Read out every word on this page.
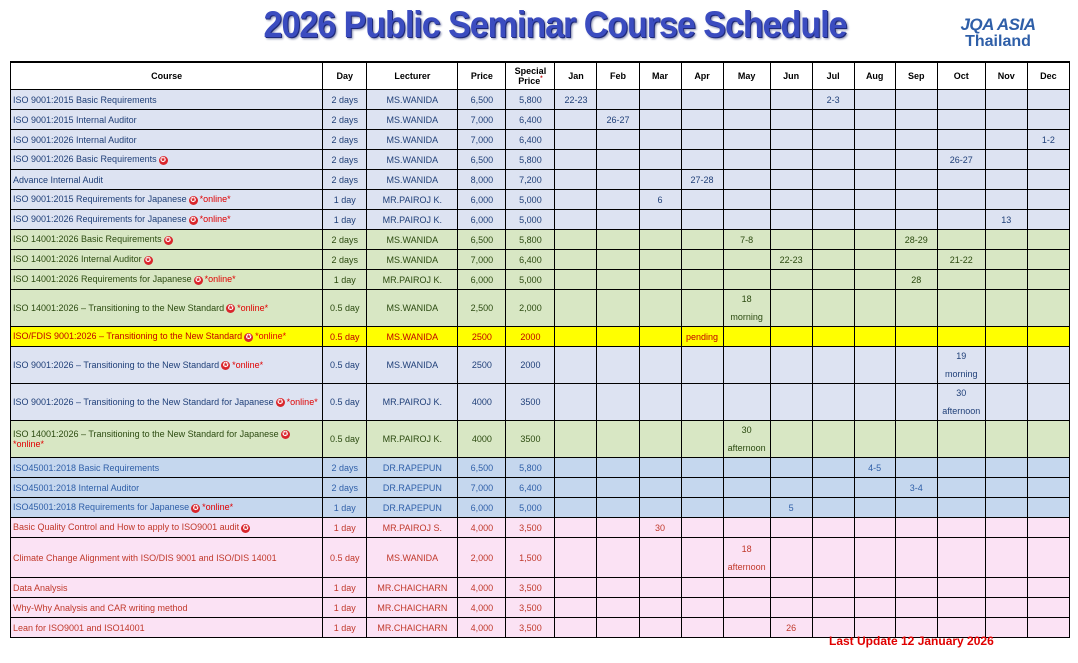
2026 Public Seminar Course Schedule	JQA ASIA
Thailand
Course	Day	Lecturer	Price	Special Price*	Jan	Feb	Mar	Apr	May	Jun	Jul	Aug	Sep	Oct	Nov	Dec
ISO 9001:2015 Basic Requirements	2 days	MS.WANIDA	6,500	5,800	22-23						2-3					
ISO 9001:2015 Internal Auditor	2 days	MS.WANIDA	7,000	6,400		26-27										
ISO 9001:2026 Internal Auditor	2 days	MS.WANIDA	7,000	6,400												1-2
ISO 9001:2026 Basic Requirements ✪	2 days	MS.WANIDA	6,500	5,800										26-27		
Advance Internal Audit	2 days	MS.WANIDA	8,000	7,200				27-28								
ISO 9001:2015 Requirements for Japanese ✪ *online*	1 day	MR.PAIROJ K.	6,000	5,000			6									
ISO 9001:2026 Requirements for Japanese ✪ *online*	1 day	MR.PAIROJ K.	6,000	5,000											13	
ISO 14001:2026 Basic Requirements ✪	2 days	MS.WANIDA	6,500	5,800					7-8				28-29			
ISO 14001:2026 Internal Auditor ✪	2 days	MS.WANIDA	7,000	6,400						22-23				21-22		
ISO 14001:2026 Requirements for Japanese ✪ *online*	1 day	MR.PAIROJ K.	6,000	5,000									28			
ISO 14001:2026 – Transitioning to the New Standard ✪ *online*	0.5 day	MS.WANIDA	2,500	2,000					18
morning							

ISO/FDIS 9001:2026 – Transitioning to the New Standard ✪ *online*	0.5 day	MS.WANIDA	2500	2000				pending								
ISO 9001:2026 – Transitioning to the New Standard ✪ *online*	0.5 day	MS.WANIDA	2500	2000										19
morning		

ISO 9001:2026 – Transitioning to the New Standard for Japanese ✪ *online*	0.5 day	MR.PAIROJ K.	4000	3500										30
afternoon		

ISO 14001:2026 – Transitioning to the New Standard for Japanese ✪*online*	0.5 day	MR.PAIROJ K.	4000	3500					30
afternoon							

ISO45001:2018 Basic Requirements	2 days	DR.RAPEPUN	6,500	5,800								4-5				
ISO45001:2018 Internal Auditor	2 days	DR.RAPEPUN	7,000	6,400									3-4			
ISO45001:2018 Requirements for Japanese ✪ *online*	1 day	DR.RAPEPUN	6,000	5,000						5						
Basic Quality Control and How to apply to ISO9001 audit ✪	1 day	MR.PAIROJ S.	4,000	3,500			30									
Climate Change Alignment with ISO/DIS 9001 and ISO/DIS 14001	0.5 day	MS.WANIDA	2,000	1,500					18
afternoon							

Data Analysis	1 day	MR.CHAICHARN	4,000	3,500												
Why-Why Analysis and CAR writing method	1 day	MR.CHAICHARN	4,000	3,500												
Lean for ISO9001 and ISO14001	1 day	MR.CHAICHARN	4,000	3,500						26						
Last Update 12 January 2026
